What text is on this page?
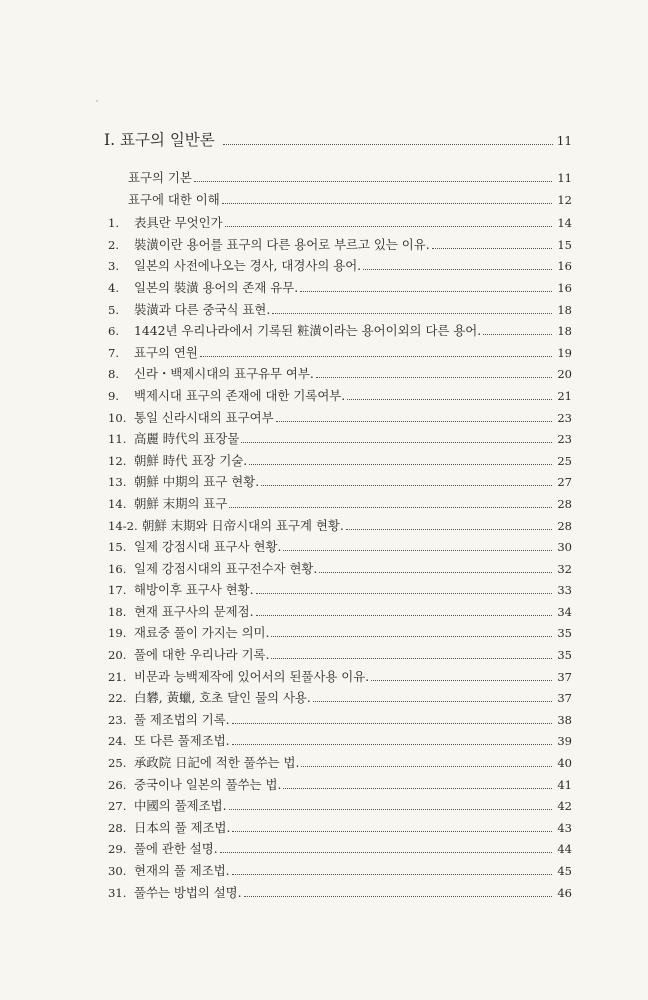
Ⅰ. 표구의 일반론	11
표구의 기본	11
표구에 대한 이해	12
1.	表具란 무엇인가	14
2.	裝潢이란 용어를 표구의 다른 용어로 부르고 있는 이유.	15
3.	일본의 사전에나오는 경사, 대경사의 용어.	16
4.	일본의 裝潢 용어의 존재 유무.	16
5.	裝潢과 다른 중국식 표현.	18
6.	1442년 우리나라에서 기록된 粧潢이라는 용어이외의 다른 용어.	18
7.	표구의 연원	19
8.	신라・백제시대의 표구유무 여부.	20
9.	백제시대 표구의 존재에 대한 기록여부.	21
10. 통일 신라시대의 표구여부	23
11. 高麗 時代의 표장물	23
12. 朝鮮 時代 표장 기술.	25
13. 朝鮮 中期의 표구 현황.	27
14. 朝鮮 末期의 표구	28
14-2. 朝鮮 末期와 日帝시대의 표구계 현황.	28
15. 일제 강점시대 표구사 현황.	30
16. 일제 강점시대의 표구전수자 현황.	32
17. 해방이후 표구사 현황.	33
18. 현재 표구사의 문제점.	34
19. 재료중 풀이 가지는 의미.	35
20. 풀에 대한 우리나라 기록.	35
21. 비문과 능백제작에 있어서의 된풀사용 이유.	37
22. 白礬, 黃蠟, 호초 달인 물의 사용.	37
23. 풀 제조법의 기록.	38
24. 또 다른 풀제조법.	39
25. 承政院 日記에 적한 풀쑤는 법.	40
26. 중국이나 일본의 풀쑤는 법.	41
27. 中國의 풀제조법.	42
28. 日本의 풀 제조법.	43
29. 풀에 관한 설명.	44
30. 현재의 풀 제조법.	45
31. 풀쑤는 방법의 설명.	46
